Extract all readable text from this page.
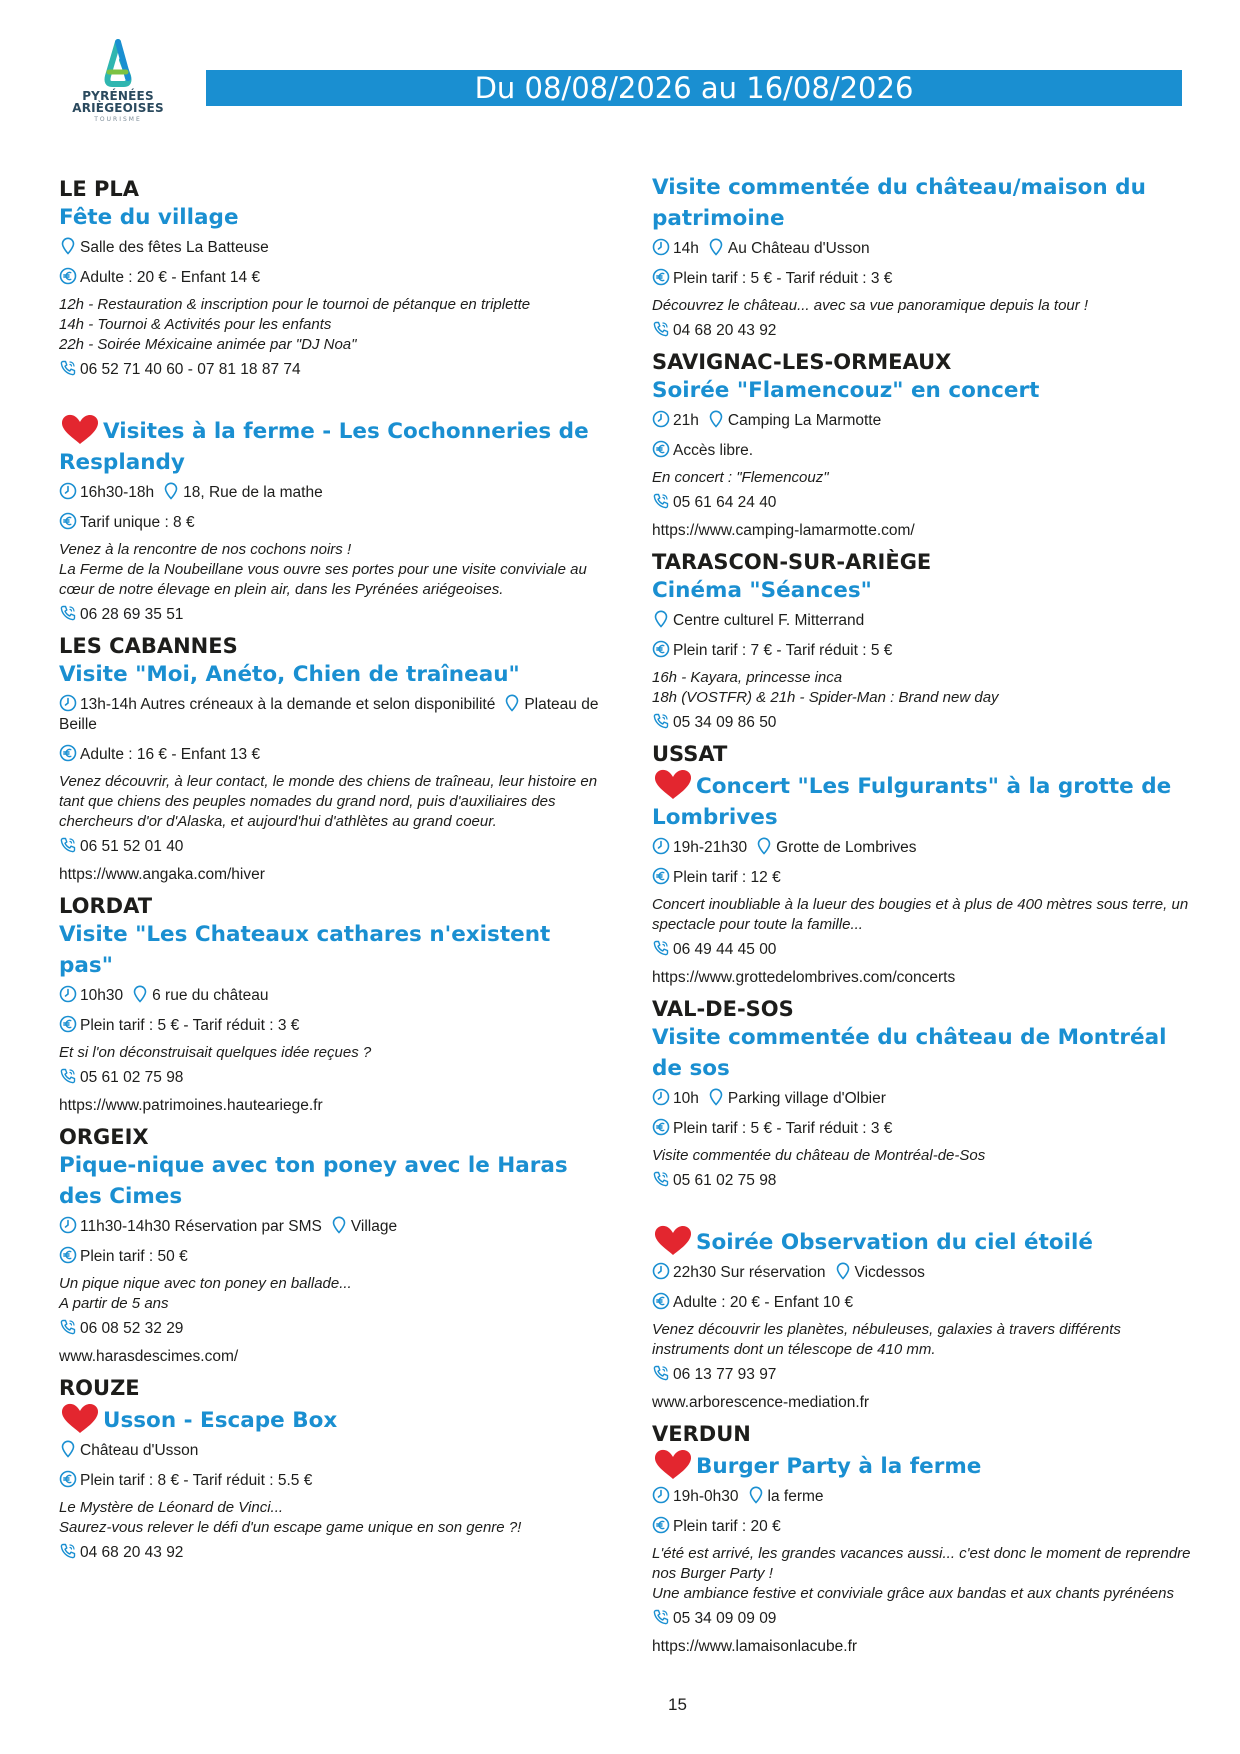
PYRÉNÉES
ARIÈGEOISES
TOURISME
Du 08/08/2026 au 16/08/2026
LE PLA
Fête du village
Salle des fêtes La Batteuse
Adulte : 20 € - Enfant 14 €
12h - Restauration & inscription pour le tournoi de pétanque en triplette
14h - Tournoi & Activités pour les enfants
22h - Soirée Méxicaine animée par "DJ Noa"
06 52 71 40 60 - 07 81 18 87 74
Visites à la ferme - Les Cochonneries de Resplandy
16h30-18h 18, Rue de la mathe
Tarif unique : 8 €
Venez à la rencontre de nos cochons noirs !
La Ferme de la Noubeillane vous ouvre ses portes pour une visite conviviale au cœur de notre élevage en plein air, dans les Pyrénées ariégeoises.
06 28 69 35 51
LES CABANNES
Visite "Moi, Anéto, Chien de traîneau"
13h-14h Autres créneaux à la demande et selon disponibilité Plateau de Beille
Adulte : 16 € - Enfant 13 €
Venez découvrir, à leur contact, le monde des chiens de traîneau, leur histoire en tant que chiens des peuples nomades du grand nord, puis d'auxiliaires des chercheurs d'or d'Alaska, et aujourd'hui d'athlètes au grand coeur.
06 51 52 01 40
https://www.angaka.com/hiver
LORDAT
Visite "Les Chateaux cathares n'existent pas"
10h30 6 rue du château
Plein tarif : 5 € - Tarif réduit : 3 €
Et si l'on déconstruisait quelques idée reçues ?
05 61 02 75 98
https://www.patrimoines.hauteariege.fr
ORGEIX
Pique-nique avec ton poney avec le Haras des Cimes
11h30-14h30 Réservation par SMS Village
Plein tarif : 50 €
Un pique nique avec ton poney en ballade...
A partir de 5 ans
06 08 52 32 29
www.harasdescimes.com/
ROUZE
Usson - Escape Box
Château d'Usson
Plein tarif : 8 € - Tarif réduit : 5.5 €
Le Mystère de Léonard de Vinci...
Saurez-vous relever le défi d'un escape game unique en son genre ?!
04 68 20 43 92
Visite commentée du château/maison du patrimoine
14h Au Château d'Usson
Plein tarif : 5 € - Tarif réduit : 3 €
Découvrez le château... avec sa vue panoramique depuis la tour !
04 68 20 43 92
SAVIGNAC-LES-ORMEAUX
Soirée "Flamencouz" en concert
21h Camping La Marmotte
Accès libre.
En concert : "Flemencouz"
05 61 64 24 40
https://www.camping-lamarmotte.com/
TARASCON-SUR-ARIÈGE
Cinéma "Séances"
Centre culturel F. Mitterrand
Plein tarif : 7 € - Tarif réduit : 5 €
16h - Kayara, princesse inca
18h (VOSTFR) & 21h - Spider-Man : Brand new day
05 34 09 86 50
USSAT
Concert "Les Fulgurants" à la grotte de Lombrives
19h-21h30 Grotte de Lombrives
Plein tarif : 12 €
Concert inoubliable à la lueur des bougies et à plus de 400 mètres sous terre, un spectacle pour toute la famille...
06 49 44 45 00
https://www.grottedelombrives.com/concerts
VAL-DE-SOS
Visite commentée du château de Montréal de sos
10h Parking village d'Olbier
Plein tarif : 5 € - Tarif réduit : 3 €
Visite commentée du château de Montréal-de-Sos
05 61 02 75 98
Soirée Observation du ciel étoilé
22h30 Sur réservation Vicdessos
Adulte : 20 € - Enfant 10 €
Venez découvrir les planètes, nébuleuses, galaxies à travers différents instruments dont un télescope de 410 mm.
06 13 77 93 97
www.arborescence-mediation.fr
VERDUN
Burger Party à la ferme
19h-0h30 la ferme
Plein tarif : 20 €
L'été est arrivé, les grandes vacances aussi... c'est donc le moment de reprendre nos Burger Party !
Une ambiance festive et conviviale grâce aux bandas et aux chants pyrénéens
05 34 09 09 09
https://www.lamaisonlacube.fr
15
